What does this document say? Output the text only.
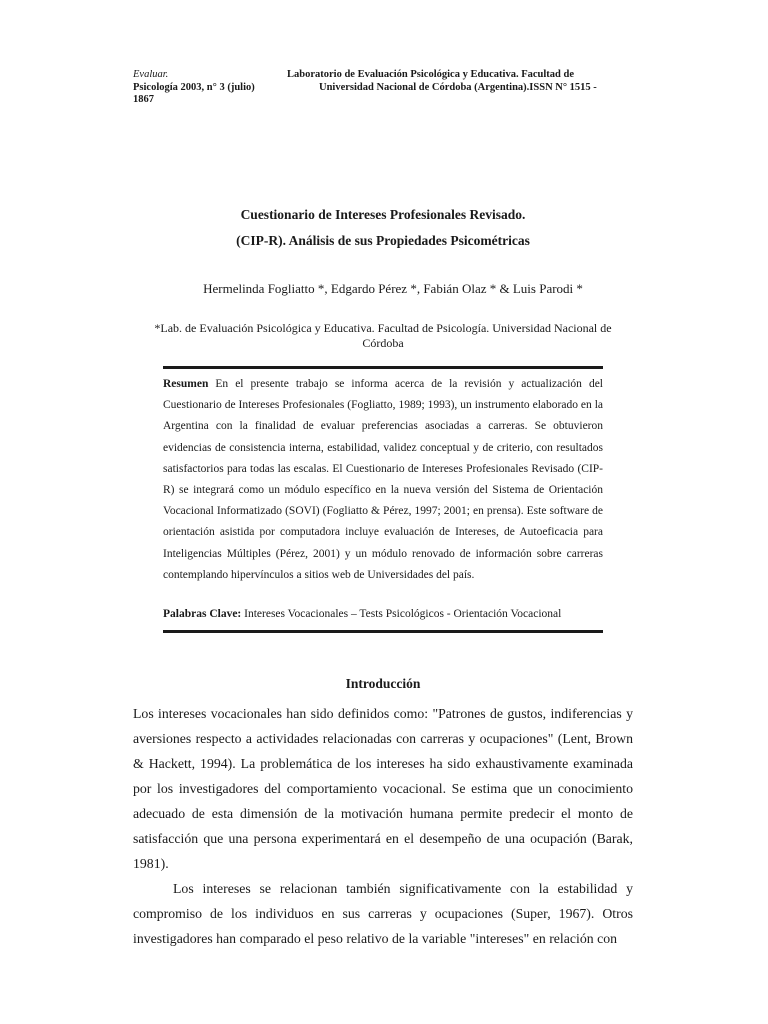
Evaluar.
Psicología 2003, n° 3 (julio)
1867
Laboratorio de Evaluación Psicológica y Educativa. Facultad de
Universidad Nacional de Córdoba (Argentina).ISSN N° 1515 -
Cuestionario de Intereses Profesionales Revisado.
(CIP-R). Análisis de sus Propiedades Psicométricas
Hermelinda Fogliatto *, Edgardo Pérez *, Fabián Olaz * & Luis Parodi *
*Lab. de Evaluación Psicológica y Educativa. Facultad de Psicología. Universidad Nacional de Córdoba
Resumen En el presente trabajo se informa acerca de la revisión y actualización del Cuestionario de Intereses Profesionales (Fogliatto, 1989; 1993), un instrumento elaborado en la Argentina con la finalidad de evaluar preferencias asociadas a carreras. Se obtuvieron evidencias de consistencia interna, estabilidad, validez conceptual y de criterio, con resultados satisfactorios para todas las escalas. El Cuestionario de Intereses Profesionales Revisado (CIP-R) se integrará como un módulo específico en la nueva versión del Sistema de Orientación Vocacional Informatizado (SOVI) (Fogliatto & Pérez, 1997; 2001; en prensa). Este software de orientación asistida por computadora incluye evaluación de Intereses, de Autoeficacia para Inteligencias Múltiples (Pérez, 2001) y un módulo renovado de información sobre carreras contemplando hipervínculos a sitios web de Universidades del país.
Palabras Clave: Intereses Vocacionales – Tests Psicológicos - Orientación Vocacional
Introducción

Los intereses vocacionales han sido definidos como: "Patrones de gustos, indiferencias y aversiones respecto a actividades relacionadas con carreras y ocupaciones" (Lent, Brown & Hackett, 1994). La problemática de los intereses ha sido exhaustivamente examinada por los investigadores del comportamiento vocacional. Se estima que un conocimiento adecuado de esta dimensión de la motivación humana permite predecir el monto de satisfacción que una persona experimentará en el desempeño de una ocupación (Barak, 1981).

Los intereses se relacionan también significativamente con la estabilidad y compromiso de los individuos en sus carreras y ocupaciones (Super, 1967). Otros investigadores han comparado el peso relativo de la variable "intereses" en relación con
